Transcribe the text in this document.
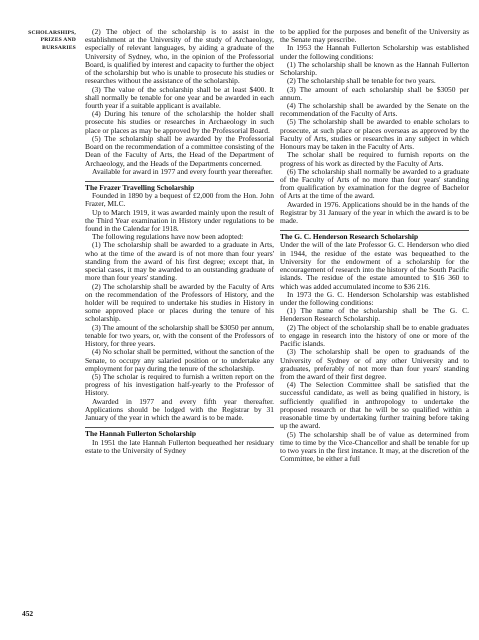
SCHOLARSHIPS,
PRIZES AND
BURSARIES
452

(2) The object of the scholarship is to assist in the establishment at the University of the study of Archaeology, especially of relevant languages, by aiding a graduate of the University of Sydney, who, in the opinion of the Professorial Board, is qualified by interest and capacity to further the object of the scholarship but who is unable to prosecute his studies or researches without the assistance of the scholarship.

(3) The value of the scholarship shall be at least $400. It shall normally be tenable for one year and be awarded in each fourth year if a suitable applicant is available.

(4) During his tenure of the scholarship the holder shall prosecute his studies or researches in Archaeology in such place or places as may be approved by the Professorial Board.

(5) The scholarship shall be awarded by the Professorial Board on the recommendation of a committee consisting of the Dean of the Faculty of Arts, the Head of the Department of Archaeology, and the Heads of the Departments concerned.

Available for award in 1977 and every fourth year thereafter.

The Frazer Travelling Scholarship

Founded in 1890 by a bequest of £2,000 from the Hon. John Frazer, MLC.

Up to March 1919, it was awarded mainly upon the result of the Third Year examination in History under regulations to be found in the Calendar for 1918.

The following regulations have now been adopted:

(1) The scholarship shall be awarded to a graduate in Arts, who at the time of the award is of not more than four years' standing from the award of his first degree; except that, in special cases, it may be awarded to an outstanding graduate of more than four years' standing.

(2) The scholarship shall be awarded by the Faculty of Arts on the recommendation of the Professors of History, and the holder will be required to undertake his studies in History in some approved place or places during the tenure of his scholarship.

(3) The amount of the scholarship shall be $3050 per annum, tenable for two years, or, with the consent of the Professors of History, for three years.

(4) No scholar shall be permitted, without the sanction of the Senate, to occupy any salaried position or to undertake any employment for pay during the tenure of the scholarship.

(5) The scholar is required to furnish a written report on the progress of his investigation half-yearly to the Professor of History.

Awarded in 1977 and every fifth year thereafter. Applications should be lodged with the Registrar by 31 January of the year in which the award is to be made.

The Hannah Fullerton Scholarship

In 1951 the late Hannah Fullerton bequeathed her residuary estate to the University of Sydney

to be applied for the purposes and benefit of the University as the Senate may prescribe.

In 1953 the Hannah Fullerton Scholarship was established under the following conditions:

(1) The scholarship shall be known as the Hannah Fullerton Scholarship.

(2) The scholarship shall be tenable for two years.

(3) The amount of each scholarship shall be $3050 per annum.

(4) The scholarship shall be awarded by the Senate on the recommendation of the Faculty of Arts.

(5) The scholarship shall be awarded to enable scholars to prosecute, at such place or places overseas as approved by the Faculty of Arts, studies or researches in any subject in which Honours may be taken in the Faculty of Arts.

The scholar shall be required to furnish reports on the progress of his work as directed by the Faculty of Arts.

(6) The scholarship shall normally be awarded to a graduate of the Faculty of Arts of no more than four years' standing from qualification by examination for the degree of Bachelor of Arts at the time of the award.

Awarded in 1976. Applications should be in the hands of the Registrar by 31 January of the year in which the award is to be made.

The G. C. Henderson Research Scholarship

Under the will of the late Professor G. C. Henderson who died in 1944, the residue of the estate was bequeathed to the University for the endowment of a scholarship for the encouragement of research into the history of the South Pacific islands. The residue of the estate amounted to $16 360 to which was added accumulated income to $36 216.

In 1973 the G. C. Henderson Scholarship was established under the following conditions:

(1) The name of the scholarship shall be The G. C. Henderson Research Scholarship.

(2) The object of the scholarship shall be to enable graduates to engage in research into the history of one or more of the Pacific islands.

(3) The scholarship shall be open to graduands of the University of Sydney or of any other University and to graduates, preferably of not more than four years' standing from the award of their first degree.

(4) The Selection Committee shall be satisfied that the successful candidate, as well as being qualified in history, is sufficiently qualified in anthropology to undertake the proposed research or that he will be so qualified within a reasonable time by undertaking further training before taking up the award.

(5) The scholarship shall be of value as determined from time to time by the Vice-Chancellor and shall be tenable for up to two years in the first instance. It may, at the discretion of the Committee, be either a full
